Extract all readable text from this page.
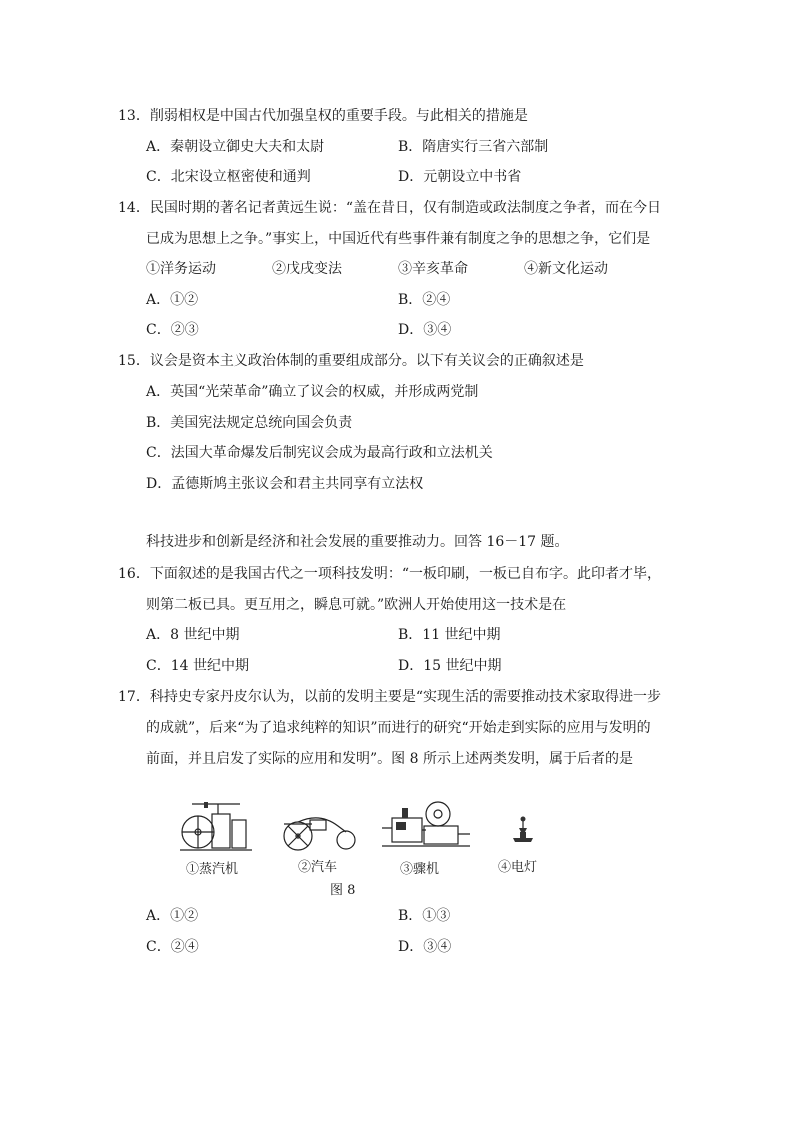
13．削弱相权是中国古代加强皇权的重要手段。与此相关的措施是
A．秦朝设立御史大夫和太尉	B．隋唐实行三省六部制
C．北宋设立枢密使和通判	D．元朝设立中书省
14．民国时期的著名记者黄远生说：“盖在昔日，仅有制造或政法制度之争者，而在今日
已成为思想上之争。”事实上，中国近代有些事件兼有制度之争的思想之争，它们是
①洋务运动	②戊戌变法	③辛亥革命	④新文化运动
A．①②	B．②④
C．②③	D．③④
15．议会是资本主义政治体制的重要组成部分。以下有关议会的正确叙述是
A．英国“光荣革命”确立了议会的权威，并形成两党制
B．美国宪法规定总统向国会负责
C．法国大革命爆发后制宪议会成为最高行政和立法机关
D．孟德斯鸠主张议会和君主共同享有立法权
科技进步和创新是经济和社会发展的重要推动力。回答 16－17 题。
16．下面叙述的是我国古代之一项科技发明：“一板印刷，一板已自布字。此印者才毕，
则第二板已具。更互用之，瞬息可就。”欧洲人开始使用这一技术是在
A．8 世纪中期	B．11 世纪中期
C．14 世纪中期	D．15 世纪中期
17．科持史专家丹皮尔认为，以前的发明主要是“实现生活的需要推动技术家取得进一步
的成就”，后来“为了追求纯粹的知识”而进行的研究“开始走到实际的应用与发明的
前面，并且启发了实际的应用和发明”。图 8 所示上述两类发明，属于后者的是
①蒸汽机	②汽车	③骤机	④电灯
图 8
A．①②	B．①③
C．②④	D．③④
